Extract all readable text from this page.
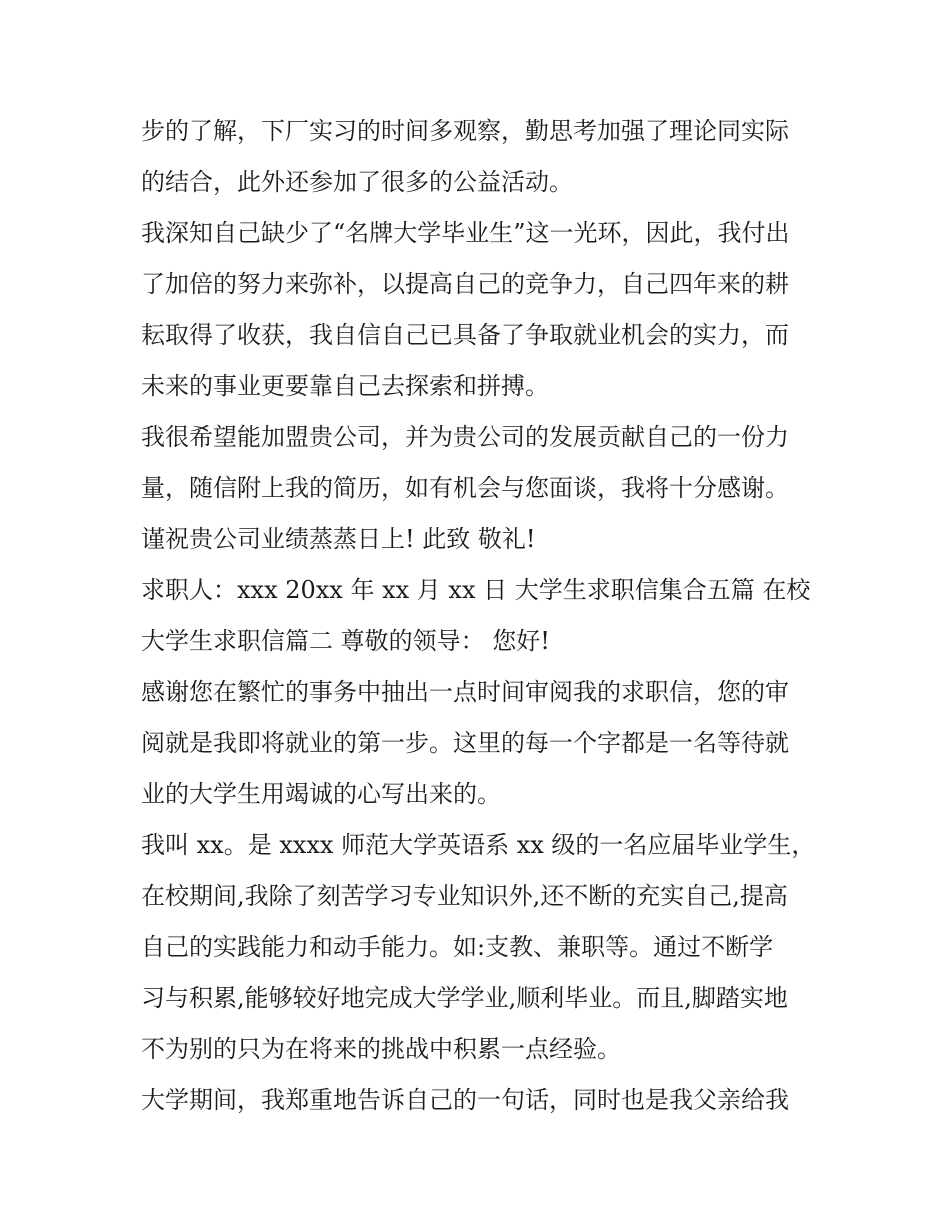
步的了解，下厂实习的时间多观察，勤思考加强了理论同实际
的结合，此外还参加了很多的公益活动。
我深知自己缺少了“名牌大学毕业生”这一光环，因此，我付出
了加倍的努力来弥补，以提高自己的竞争力，自己四年来的耕
耘取得了收获，我自信自己已具备了争取就业机会的实力，而
未来的事业更要靠自己去探索和拼搏。
我很希望能加盟贵公司，并为贵公司的发展贡献自己的一份力
量，随信附上我的简历，如有机会与您面谈，我将十分感谢。
谨祝贵公司业绩蒸蒸日上! 此致 敬礼!
求职人：xxx 20xx 年 xx 月 xx 日 大学生求职信集合五篇 在校
大学生求职信篇二 尊敬的领导： 您好!
感谢您在繁忙的事务中抽出一点时间审阅我的求职信，您的审
阅就是我即将就业的第一步。这里的每一个字都是一名等待就
业的大学生用竭诚的心写出来的。
我叫 xx。是 xxxx 师范大学英语系 xx 级的一名应届毕业学生，
在校期间,我除了刻苦学习专业知识外,还不断的充实自己,提高
自己的实践能力和动手能力。如:支教、兼职等。通过不断学
习与积累,能够较好地完成大学学业,顺利毕业。而且,脚踏实地
不为别的只为在将来的挑战中积累一点经验。
大学期间，我郑重地告诉自己的一句话，同时也是我父亲给我
